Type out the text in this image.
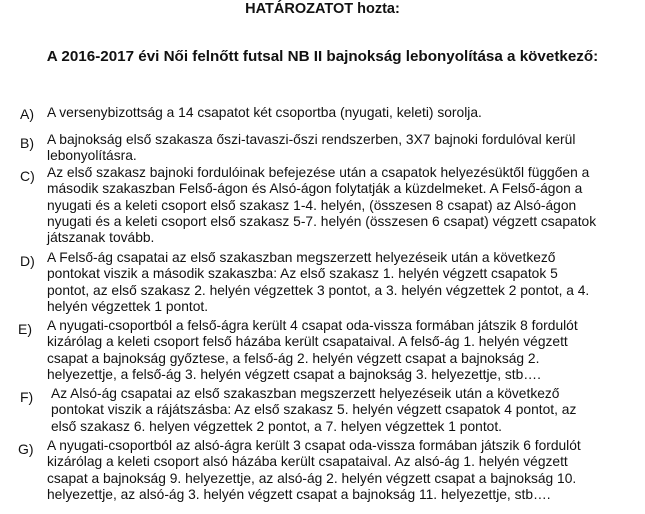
HATÁROZATOT hozta:
A 2016-2017 évi Női felnőtt futsal NB II bajnokság lebonyolítása a következő:
A) A versenybizottság a 14 csapatot két csoportba (nyugati, keleti) sorolja.
B) A bajnokság első szakasza őszi-tavaszi-őszi rendszerben, 3X7 bajnoki fordulóval kerül
lebonyolításra.
C) Az első szakasz bajnoki fordulóinak befejezése után a csapatok helyezésüktől függően a
második szakaszban Felső-ágon és Alsó-ágon folytatják a küzdelmeket. A Felső-ágon a
nyugati és a keleti csoport első szakasz 1-4. helyén, (összesen 8 csapat) az Alsó-ágon
nyugati és a keleti csoport első szakasz 5-7. helyén (összesen 6 csapat) végzett csapatok
játszanak tovább.
D) A Felső-ág csapatai az első szakaszban megszerzett helyezéseik után a következő
pontokat viszik a második szakaszba: Az első szakasz 1. helyén végzett csapatok 5
pontot, az első szakasz 2. helyén végzettek 3 pontot, a 3. helyén végzettek 2 pontot, a 4.
helyén végzettek 1 pontot.
E) A nyugati-csoportból a felső-ágra került 4 csapat oda-vissza formában játszik 8 fordulót
kizárólag a keleti csoport felső házába került csapataival. A felső-ág 1. helyén végzett
csapat a bajnokság győztese, a felső-ág 2. helyén végzett csapat a bajnokság 2.
helyezettje, a felső-ág 3. helyén végzett csapat a bajnokság 3. helyezettje, stb….
F) Az Alsó-ág csapatai az első szakaszban megszerzett helyezéseik után a következő
pontokat viszik a rájátszásba: Az első szakasz 5. helyén végzett csapatok 4 pontot, az
első szakasz 6. helyen végzettek 2 pontot, a 7. helyen végzettek 1 pontot.
G) A nyugati-csoportból az alsó-ágra került 3 csapat oda-vissza formában játszik 6 fordulót
kizárólag a keleti csoport alsó házába került csapataival. Az alsó-ág 1. helyén végzett
csapat a bajnokság 9. helyezettje, az alsó-ág 2. helyén végzett csapat a bajnokság 10.
helyezettje, az alsó-ág 3. helyén végzett csapat a bajnokság 11. helyezettje, stb….
